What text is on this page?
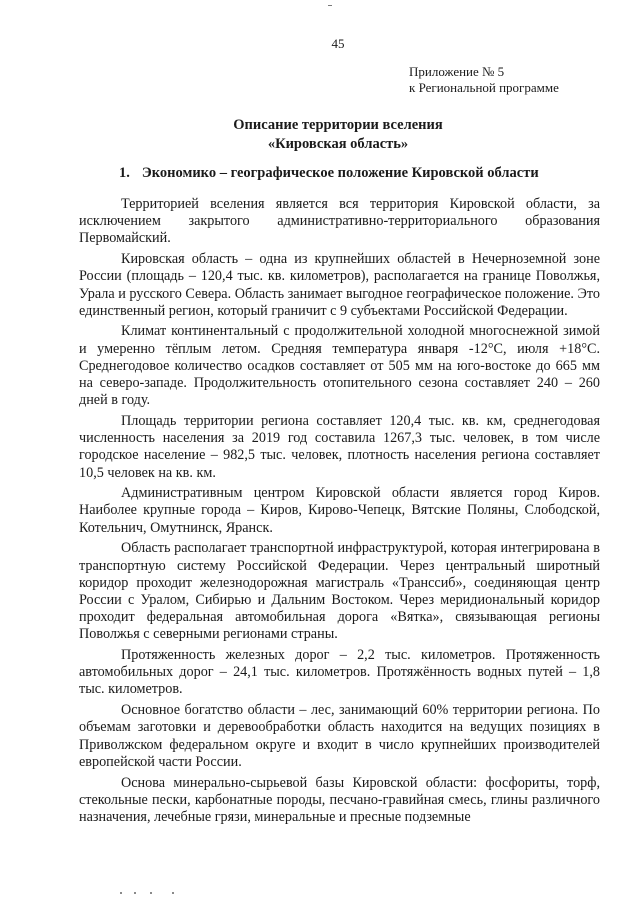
45
Приложение № 5
к Региональной программе
Описание территории вселения
«Кировская область»
1. Экономико – географическое положение Кировской области

Территорией вселения является вся территория Кировской области, за исключением закрытого административно-территориального образования Первомайский.

Кировская область – одна из крупнейших областей в Нечерноземной зоне России (площадь – 120,4 тыс. кв. километров), располагается на границе Поволжья, Урала и русского Севера. Область занимает выгодное географическое положение. Это единственный регион, который граничит с 9 субъектами Российской Федерации.

Климат континентальный с продолжительной холодной многоснежной зимой и умеренно тёплым летом. Средняя температура января -12°С, июля +18°С. Среднегодовое количество осадков составляет от 505 мм на юго-востоке до 665 мм на северо-западе. Продолжительность отопительного сезона составляет 240 – 260 дней в году.

Площадь территории региона составляет 120,4 тыс. кв. км, среднегодовая численность населения за 2019 год составила 1267,3 тыс. человек, в том числе городское население – 982,5 тыс. человек, плотность населения региона составляет 10,5 человек на кв. км.

Административным центром Кировской области является город Киров. Наиболее крупные города – Киров, Кирово-Чепецк, Вятские Поляны, Слободской, Котельнич, Омутнинск, Яранск.

Область располагает транспортной инфраструктурой, которая интегрирована в транспортную систему Российской Федерации. Через центральный широтный коридор проходит железнодорожная магистраль «Транссиб», соединяющая центр России с Уралом, Сибирью и Дальним Востоком. Через меридиональный коридор проходит федеральная автомобильная дорога «Вятка», связывающая регионы Поволжья с северными регионами страны.

Протяженность железных дорог – 2,2 тыс. километров. Протяженность автомобильных дорог – 24,1 тыс. километров. Протяжённость водных путей – 1,8 тыс. километров.

Основное богатство области – лес, занимающий 60% территории региона. По объемам заготовки и деревообработки область находится на ведущих позициях в Приволжском федеральном округе и входит в число крупнейших производителей европейской части России.

Основа минерально-сырьевой базы Кировской области: фосфориты, торф, стекольные пески, карбонатные породы, песчано-гравийная смесь, глины различного назначения, лечебные грязи, минеральные и пресные подземные
